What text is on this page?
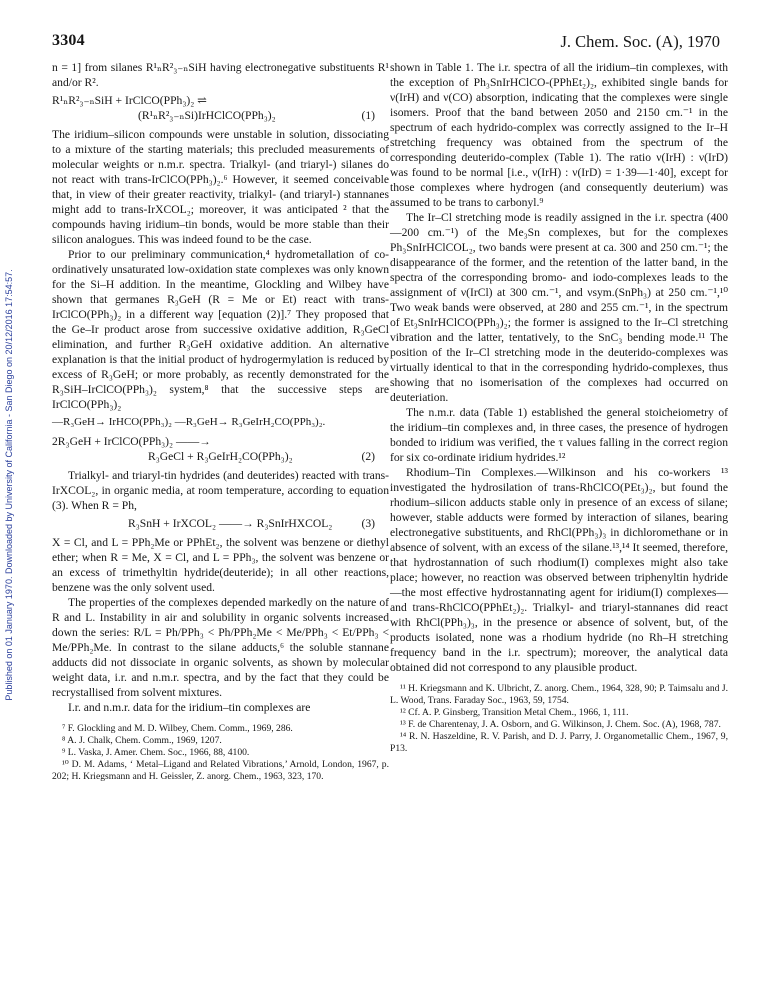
3304	J. Chem. Soc. (A), 1970
Published on 01 January 1970. Downloaded by University of California - San Diego on 20/12/2016 17:54:57.

n = 1] from silanes R¹ₙR²₃₋ₙSiH having electronegative substituents R¹ and/or R².

R¹ₙR²₃₋ₙSiH + IrClCO(PPh₃)₂ ⇌
(R¹ₙR²₃₋ₙSi)IrHClCO(PPh₃)₂	(1)

The iridium–silicon compounds were unstable in solution, dissociating to a mixture of the starting materials; this precluded measurements of molecular weights or n.m.r. spectra. Trialkyl- (and triaryl-) silanes do not react with trans-IrClCO(PPh₃)₂.⁶ However, it seemed conceivable that, in view of their greater reactivity, trialkyl- (and triaryl-) stannanes might add to trans-IrXCOL₂; moreover, it was anticipated ² that the compounds having iridium–tin bonds, would be more stable than their silicon analogues. This was indeed found to be the case.

Prior to our preliminary communication,⁴ hydrometallation of co-ordinatively unsaturated low-oxidation state complexes was only known for the Si–H addition. In the meantime, Glockling and Wilbey have shown that germanes R₃GeH (R = Me or Et) react with trans-IrClCO(PPh₃)₂ in a different way [equation (2)].⁷ They proposed that the Ge–Ir product arose from successive oxidative addition, R₃GeCl elimination, and further R₃GeH oxidative addition. An alternative explanation is that the initial product of hydrogermylation is reduced by excess of R₃GeH; or more probably, as recently demonstrated for the R₃SiH–IrClCO(PPh₃)₂ system,⁸ that the successive steps are IrClCO(PPh₃)₂

—R₃GeH→ IrHCO(PPh₃)₂ —R₃GeH→ R₃GeIrH₂CO(PPh₃)₂.
2R₃GeH + IrClCO(PPh₃)₂ ——→
R₃GeCl + R₃GeIrH₂CO(PPh₃)₂	(2)

Trialkyl- and triaryl-tin hydrides (and deuterides) reacted with trans-IrXCOL₂, in organic media, at room temperature, according to equation (3). When R = Ph,

R₃SnH + IrXCOL₂ ——→ R₃SnIrHXCOL₂	(3)

X = Cl, and L = PPh₂Me or PPhEt₂, the solvent was benzene or diethyl ether; when R = Me, X = Cl, and L = PPh₃, the solvent was benzene or an excess of trimethyltin hydride(deuteride); in all other reactions, benzene was the only solvent used.

The properties of the complexes depended markedly on the nature of R and L. Instability in air and solubility in organic solvents increased down the series: R/L = Ph/PPh₃ < Ph/PPh₂Me < Me/PPh₃ < Et/PPh₃ < Me/PPh₂Me. In contrast to the silane adducts,⁶ the soluble stannane adducts did not dissociate in organic solvents, as shown by molecular weight data, i.r. and n.m.r. spectra, and by the fact that they could be recrystallised from solvent mixtures.

I.r. and n.m.r. data for the iridium–tin complexes are

⁷ F. Glockling and M. D. Wilbey, Chem. Comm., 1969, 286.
⁸ A. J. Chalk, Chem. Comm., 1969, 1207.
⁹ L. Vaska, J. Amer. Chem. Soc., 1966, 88, 4100.
¹⁰ D. M. Adams, ‘ Metal–Ligand and Related Vibrations,’ Arnold, London, 1967, p. 202; H. Kriegsmann and H. Geissler, Z. anorg. Chem., 1963, 323, 170.

shown in Table 1. The i.r. spectra of all the iridium–tin complexes, with the exception of Ph₃SnIrHClCO-(PPhEt₂)₂, exhibited single bands for ν(IrH) and ν(CO) absorption, indicating that the complexes were single isomers. Proof that the band between 2050 and 2150 cm.⁻¹ in the spectrum of each hydrido-complex was correctly assigned to the Ir–H stretching frequency was obtained from the spectrum of the corresponding deuterido-complex (Table 1). The ratio ν(IrH) : ν(IrD) was found to be normal [i.e., ν(IrH) : ν(IrD) = 1·39—1·40], except for those complexes where hydrogen (and consequently deuterium) was assumed to be trans to carbonyl.⁹

The Ir–Cl stretching mode is readily assigned in the i.r. spectra (400—200 cm.⁻¹) of the Me₃Sn complexes, but for the complexes Ph₃SnIrHClCOL₂, two bands were present at ca. 300 and 250 cm.⁻¹; the disappearance of the former, and the retention of the latter band, in the spectra of the corresponding bromo- and iodo-complexes leads to the assignment of ν(IrCl) at 300 cm.⁻¹, and νsym.(SnPh₃) at 250 cm.⁻¹,¹⁰ Two weak bands were observed, at 280 and 255 cm.⁻¹, in the spectrum of Et₃SnIrHClCO(PPh₃)₂; the former is assigned to the Ir–Cl stretching vibration and the latter, tentatively, to the SnC₃ bending mode.¹¹ The position of the Ir–Cl stretching mode in the deuterido-complexes was virtually identical to that in the corresponding hydrido-complexes, thus showing that no isomerisation of the complexes had occurred on deuteriation.

The n.m.r. data (Table 1) established the general stoicheiometry of the iridium–tin complexes and, in three cases, the presence of hydrogen bonded to iridium was verified, the τ values falling in the correct region for six co-ordinate iridium hydrides.¹²

Rhodium–Tin Complexes.—Wilkinson and his co-workers ¹³ investigated the hydrosilation of trans-RhClCO(PEt₃)₂, but found the rhodium–silicon adducts stable only in presence of an excess of silane; however, stable adducts were formed by interaction of silanes, bearing electronegative substituents, and RhCl(PPh₃)₃ in dichloromethane or in absence of solvent, with an excess of the silane.¹³,¹⁴ It seemed, therefore, that hydrostannation of such rhodium(I) complexes might also take place; however, no reaction was observed between triphenyltin hydride—the most effective hydrostannating agent for iridium(I) complexes—and trans-RhClCO(PPhEt₂)₂. Trialkyl- and triaryl-stannanes did react with RhCl(PPh₃)₃, in the presence or absence of solvent, but, of the products isolated, none was a rhodium hydride (no Rh–H stretching frequency band in the i.r. spectrum); moreover, the analytical data obtained did not correspond to any plausible product.

¹¹ H. Kriegsmann and K. Ulbricht, Z. anorg. Chem., 1964, 328, 90; P. Taimsalu and J. L. Wood, Trans. Faraday Soc., 1963, 59, 1754.
¹² Cf. A. P. Ginsberg, Transition Metal Chem., 1966, 1, 111.
¹³ F. de Charentenay, J. A. Osborn, and G. Wilkinson, J. Chem. Soc. (A), 1968, 787.
¹⁴ R. N. Haszeldine, R. V. Parish, and D. J. Parry, J. Organometallic Chem., 1967, 9, P13.
